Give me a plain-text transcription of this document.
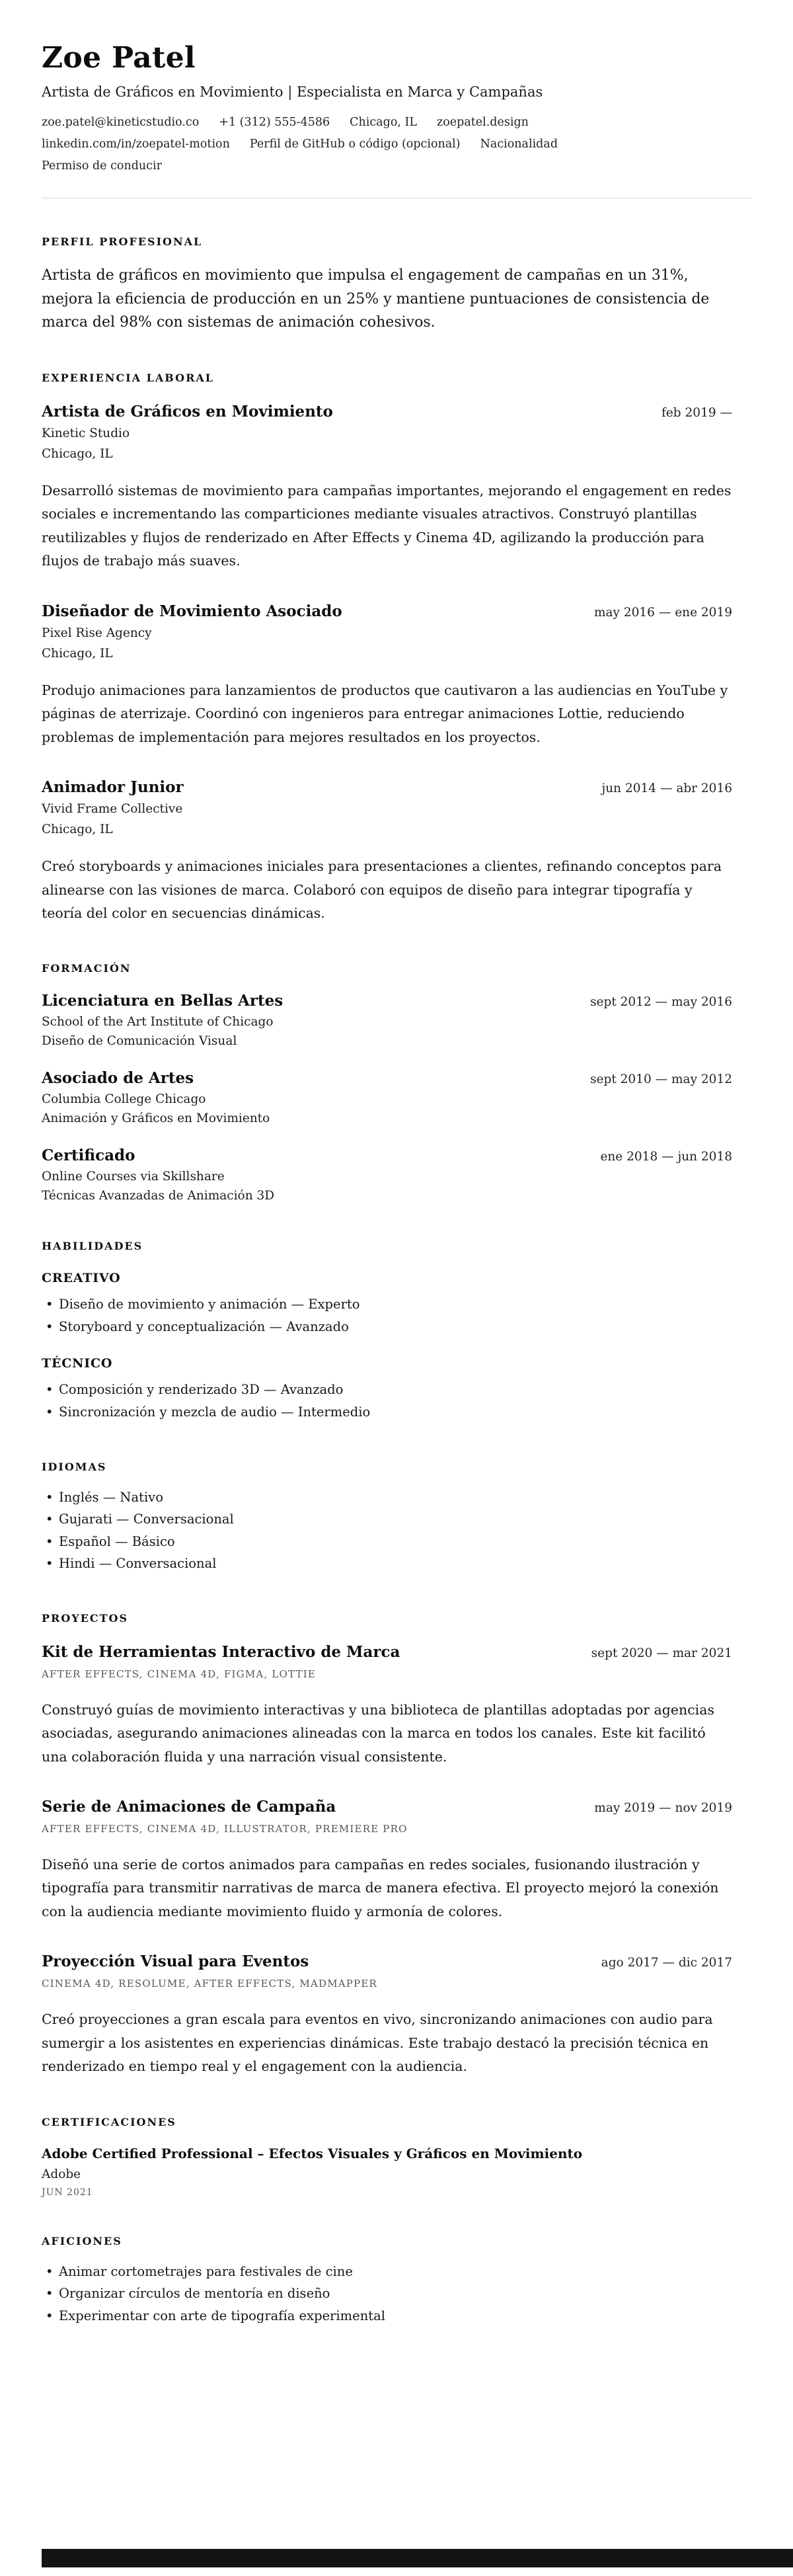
Zoe Patel

Artista de Gráficos en Movimiento | Especialista en Marca y Campañas

zoe.patel@kineticstudio.co +1 (312) 555-4586 Chicago, IL zoepatel.design
linkedin.com/in/zoepatel-motion Perfil de GitHub o código (opcional) Nacionalidad
Permiso de conducir
PERFIL PROFESIONAL

Artista de gráficos en movimiento que impulsa el engagement de campañas en un 31%, mejora la eficiencia de producción en un 25% y mantiene puntuaciones de consistencia de marca del 98% con sistemas de animación cohesivos.

EXPERIENCIA LABORAL
Artista de Gráficos en Movimiento	feb 2019 —
Kinetic Studio
Chicago, IL

Desarrolló sistemas de movimiento para campañas importantes, mejorando el engagement en redes sociales e incrementando las comparticiones mediante visuales atractivos. Construyó plantillas reutilizables y flujos de renderizado en After Effects y Cinema 4D, agilizando la producción para flujos de trabajo más suaves.

Diseñador de Movimiento Asociado	may 2016 — ene 2019
Pixel Rise Agency
Chicago, IL

Produjo animaciones para lanzamientos de productos que cautivaron a las audiencias en YouTube y páginas de aterrizaje. Coordinó con ingenieros para entregar animaciones Lottie, reduciendo problemas de implementación para mejores resultados en los proyectos.

Animador Junior	jun 2014 — abr 2016
Vivid Frame Collective
Chicago, IL

Creó storyboards y animaciones iniciales para presentaciones a clientes, refinando conceptos para alinearse con las visiones de marca. Colaboró con equipos de diseño para integrar tipografía y teoría del color en secuencias dinámicas.

FORMACIÓN
Licenciatura en Bellas Artes	sept 2012 — may 2016
School of the Art Institute of Chicago
Diseño de Comunicación Visual
Asociado de Artes	sept 2010 — may 2012
Columbia College Chicago
Animación y Gráficos en Movimiento
Certificado	ene 2018 — jun 2018
Online Courses via Skillshare
Técnicas Avanzadas de Animación 3D
HABILIDADES
CREATIVO
• Diseño de movimiento y animación — Experto
• Storyboard y conceptualización — Avanzado
TÉCNICO
• Composición y renderizado 3D — Avanzado
• Sincronización y mezcla de audio — Intermedio
IDIOMAS
• Inglés — Nativo
• Gujarati — Conversacional
• Español — Básico
• Hindi — Conversacional
PROYECTOS
Kit de Herramientas Interactivo de Marca	sept 2020 — mar 2021
AFTER EFFECTS, CINEMA 4D, FIGMA, LOTTIE

Construyó guías de movimiento interactivas y una biblioteca de plantillas adoptadas por agencias asociadas, asegurando animaciones alineadas con la marca en todos los canales. Este kit facilitó una colaboración fluida y una narración visual consistente.

Serie de Animaciones de Campaña	may 2019 — nov 2019
AFTER EFFECTS, CINEMA 4D, ILLUSTRATOR, PREMIERE PRO

Diseñó una serie de cortos animados para campañas en redes sociales, fusionando ilustración y tipografía para transmitir narrativas de marca de manera efectiva. El proyecto mejoró la conexión con la audiencia mediante movimiento fluido y armonía de colores.

Proyección Visual para Eventos	ago 2017 — dic 2017
CINEMA 4D, RESOLUME, AFTER EFFECTS, MADMAPPER

Creó proyecciones a gran escala para eventos en vivo, sincronizando animaciones con audio para sumergir a los asistentes en experiencias dinámicas. Este trabajo destacó la precisión técnica en renderizado en tiempo real y el engagement con la audiencia.

CERTIFICACIONES
Adobe Certified Professional – Efectos Visuales y Gráficos en Movimiento
Adobe
JUN 2021
AFICIONES
• Animar cortometrajes para festivales de cine
• Organizar círculos de mentoría en diseño
• Experimentar con arte de tipografía experimental
